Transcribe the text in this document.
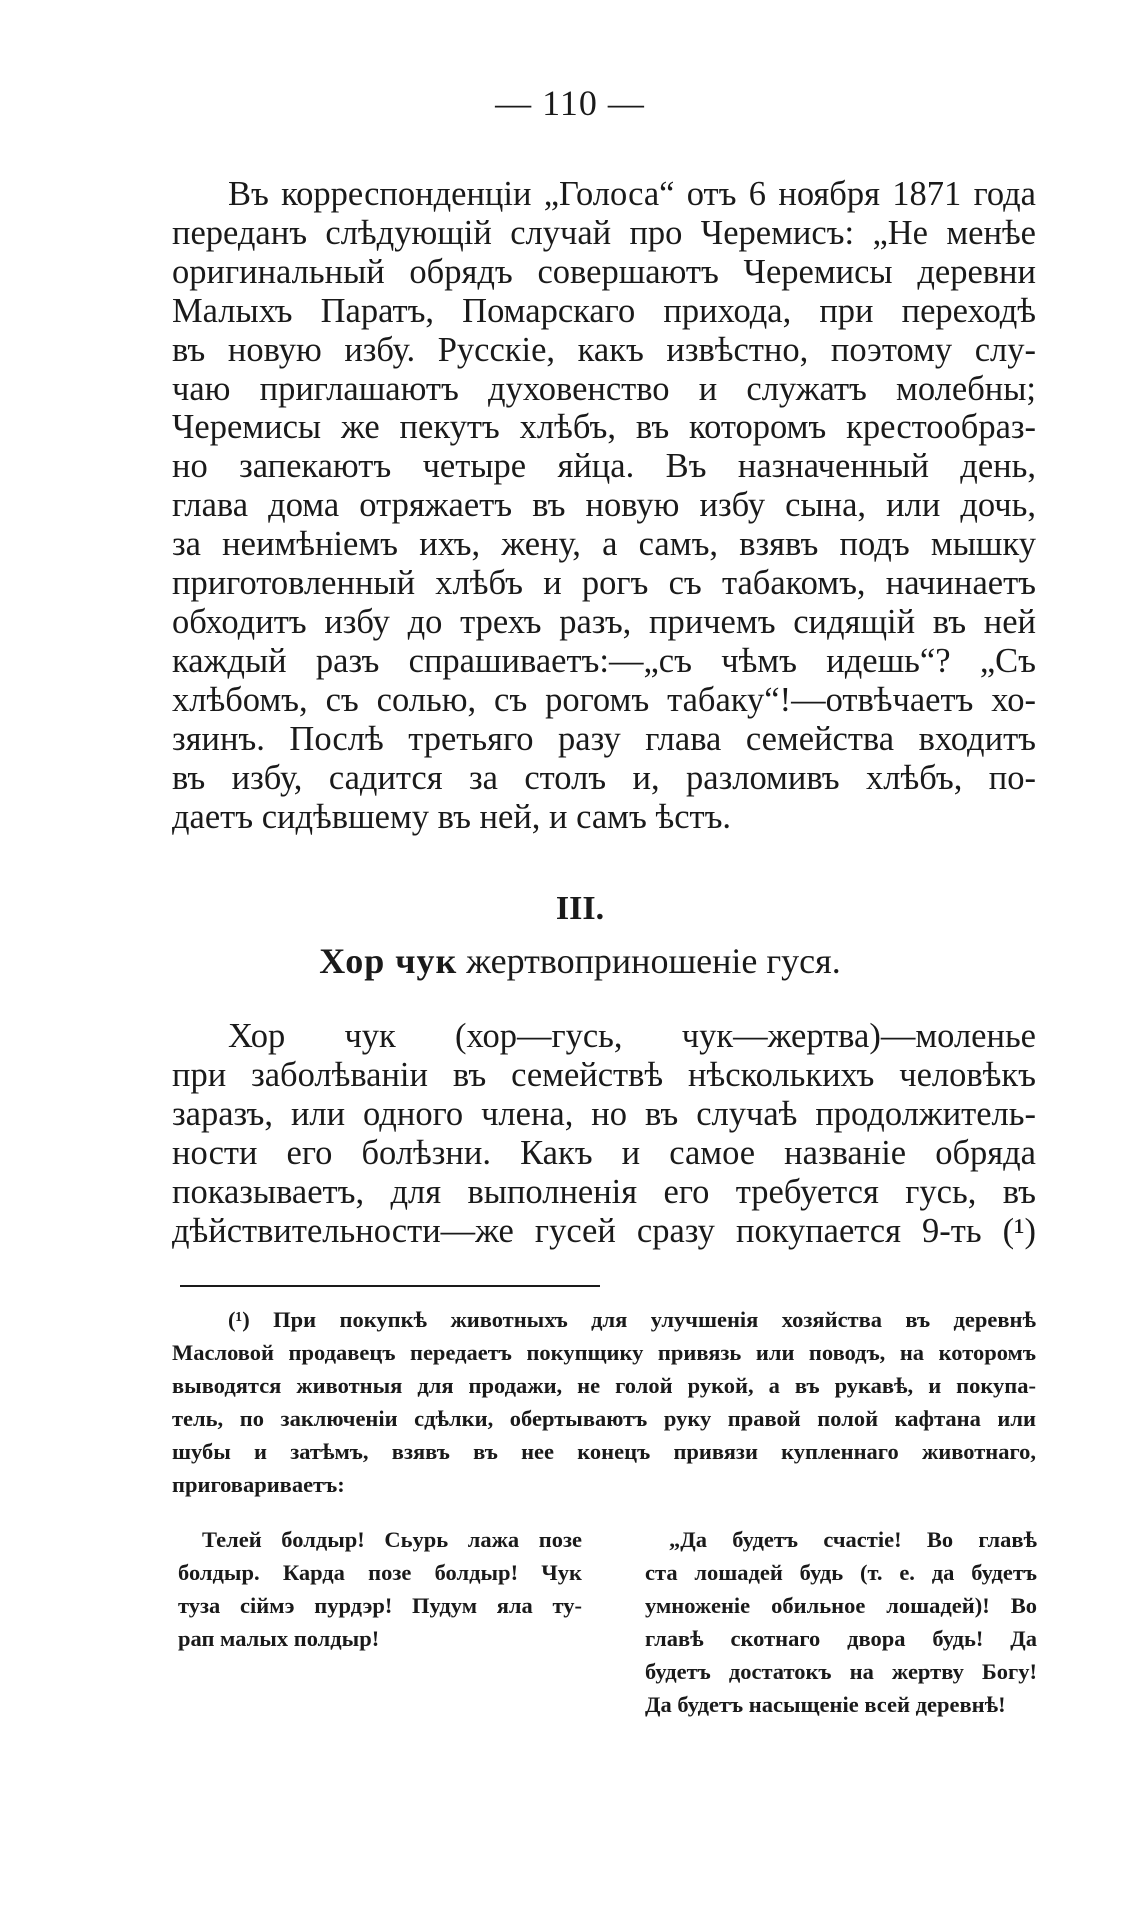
— 110 —
Въ корреспонденціи „Голоса“ отъ 6 ноября 1871 года
переданъ слѣдующій случай про Черемисъ: „Не менѣе
оригинальный обрядъ совершаютъ Черемисы деревни
Малыхъ Паратъ, Помарскаго прихода, при переходѣ
въ новую избу. Русскіе, какъ извѣстно, поэтому слу-
чаю приглашаютъ духовенство и служатъ молебны;
Черемисы же пекутъ хлѣбъ, въ которомъ крестообраз-
но запекаютъ четыре яйца. Въ назначенный день,
глава дома отряжаетъ въ новую избу сына, или дочь,
за неимѣніемъ ихъ, жену, а самъ, взявъ подъ мышку
приготовленный хлѣбъ и рогъ съ табакомъ, начинаетъ
обходитъ избу до трехъ разъ, причемъ сидящій въ ней
каждый разъ спрашиваетъ:—„съ чѣмъ идешь“? „Съ
хлѣбомъ, съ солью, съ рогомъ табаку“!—отвѣчаетъ хо-
зяинъ. Послѣ третьяго разу глава семейства входитъ
въ избу, садится за столъ и, разломивъ хлѣбъ, по-
даетъ сидѣвшему въ ней, и самъ ѣстъ.
III.
Хор чук жертвоприношеніе гуся.
Хор чук (хор—гусь, чук—жертва)—моленье
при заболѣваніи въ семействѣ нѣсколькихъ человѣкъ
заразъ, или одного члена, но въ случаѣ продолжитель-
ности его болѣзни. Какъ и самое названіе обряда
показываетъ, для выполненія его требуется гусь, въ
дѣйствительности—же гусей сразу покупается 9-ть (¹)
(¹) При покупкѣ животныхъ для улучшенія хозяйства въ деревнѣ
Масловой продавецъ передаетъ покупщику привязь или поводъ, на которомъ
выводятся животныя для продажи, не голой рукой, а въ рукавѣ, и покупа-
тель, по заключеніи сдѣлки, обертываютъ руку правой полой кафтана или
шубы и затѣмъ, взявъ въ нее конецъ привязи купленнаго животнаго,
приговариваетъ:
Телей болдыр! Сьурь лажа позе
болдыр. Карда позе болдыр! Чук
туза сіймэ пурдэр! Пудум яла ту-
рап малых полдыр!
„Да будетъ счастіе! Во главѣ
ста лошадей будь (т. е. да будетъ
умноженіе обильное лошадей)! Во
главѣ скотнаго двора будь! Да
будетъ достатокъ на жертву Богу!
Да будетъ насыщеніе всей деревнѣ!
